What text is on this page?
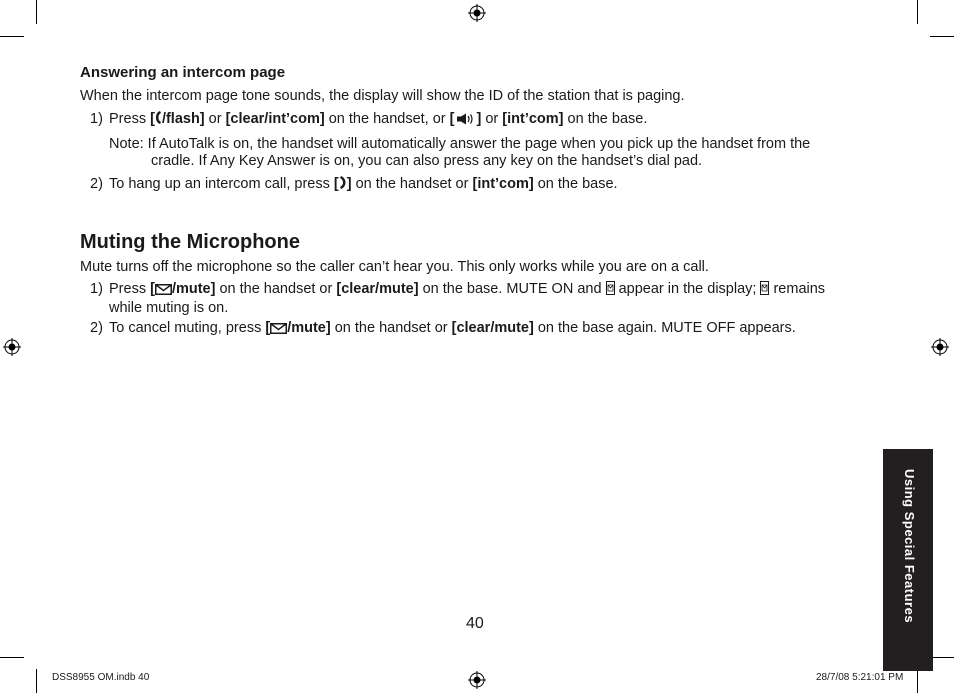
Answering an intercom page
When the intercom page tone sounds, the display will show the ID of the station that is paging.
1) Press [ /flash] or [clear/int’com] on the handset, or [ ] or [int’com] on the base.
Note: If AutoTalk is on, the handset will automatically answer the page when you pick up the handset from the
cradle. If Any Key Answer is on, you can also press any key on the handset’s dial pad.
2) To hang up an intercom call, press [ ] on the handset or [int’com] on the base.
Muting the Microphone
Mute turns off the microphone so the caller can’t hear you. This only works while you are on a call.
1) Press [ /mute] on the handset or [clear/mute] on the base. MUTE ON and  appear in the display;  remains
while muting is on.
2) To cancel muting, press [ /mute] on the handset or [clear/mute] on the base again. MUTE OFF appears.
Using Special Features
40
DSS8955 OM.indb 40	28/7/08 5:21:01 PM
